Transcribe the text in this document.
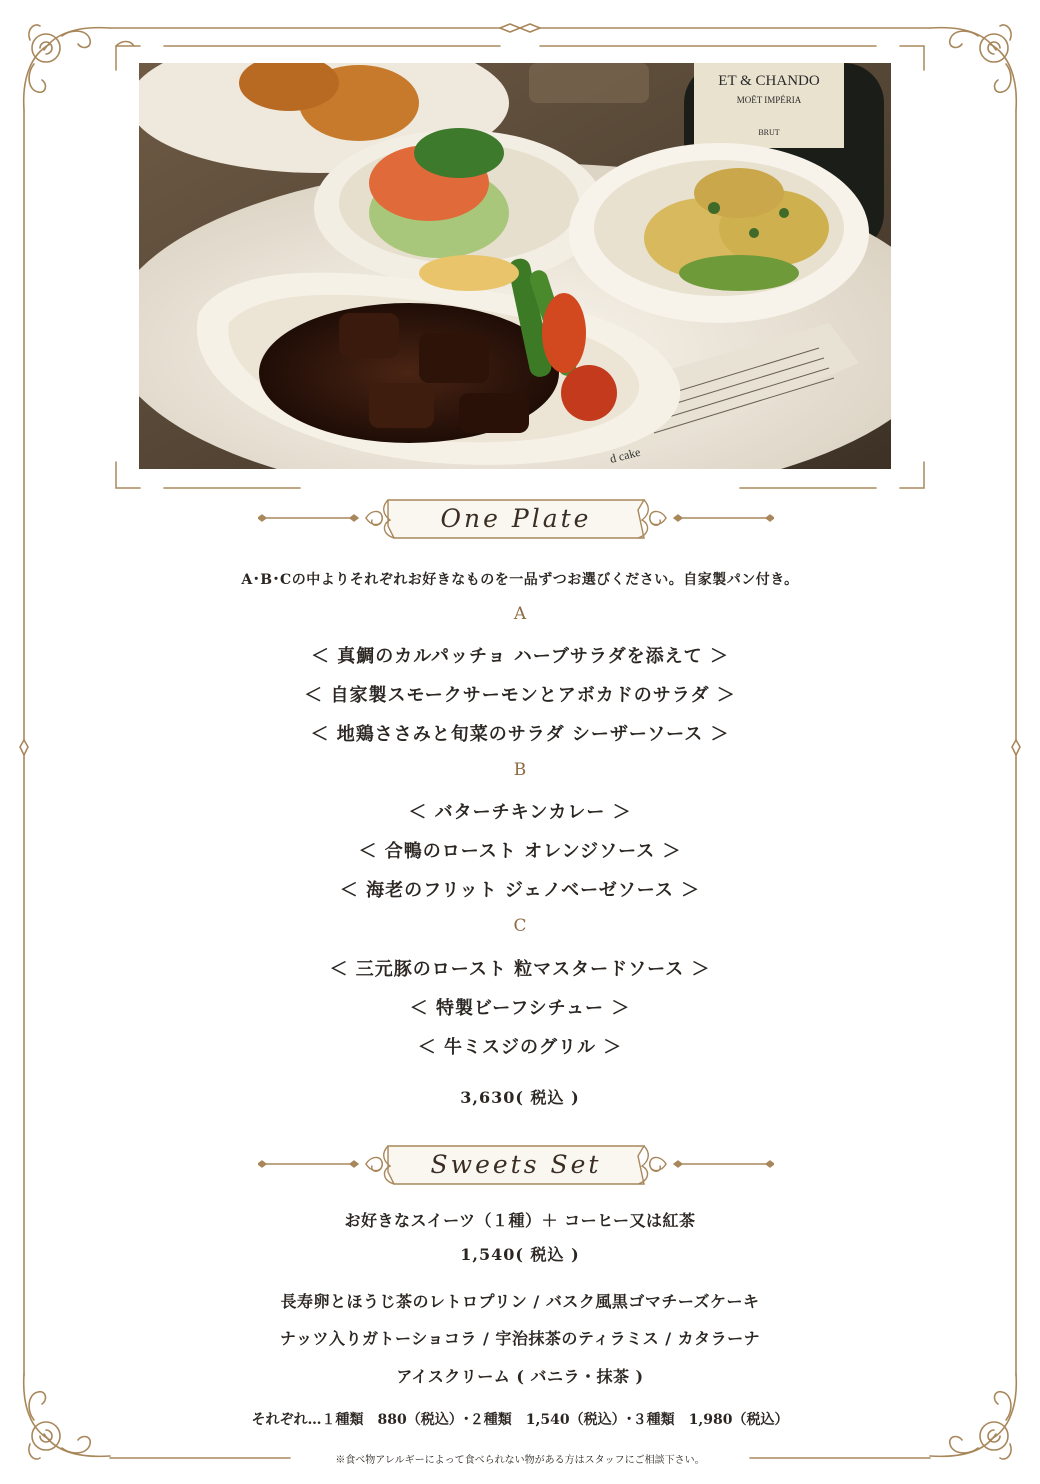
ET & CHANDO
MOËT IMPÉRIA
BRUT
d cake
One Plate
A･B･Cの中よりそれぞれお好きなものを一品ずつお選びください。自家製パン付き。
A
＜ 真鯛のカルパッチョ ハーブサラダを添えて ＞
＜ 自家製スモークサーモンとアボカドのサラダ ＞
＜ 地鶏ささみと旬菜のサラダ シーザーソース ＞
B
＜ バターチキンカレー ＞
＜ 合鴨のロースト オレンジソース ＞
＜ 海老のフリット ジェノベーゼソース ＞
C
＜ 三元豚のロースト 粒マスタードソース ＞
＜ 特製ビーフシチュー ＞
＜ 牛ミスジのグリル ＞
3,630( 税込 )
Sweets Set
お好きなスイーツ（１種）＋ コーヒー又は紅茶
1,540( 税込 )
長寿卵とほうじ茶のレトロプリン / バスク風黒ゴマチーズケーキ
ナッツ入りガトーショコラ / 宇治抹茶のティラミス / カタラーナ
アイスクリーム ( バニラ・抹茶 )
それぞれ…１種類　880（税込）･２種類　1,540（税込）･３種類　1,980（税込）
※食べ物アレルギーによって食べられない物がある方はスタッフにご相談下さい。
